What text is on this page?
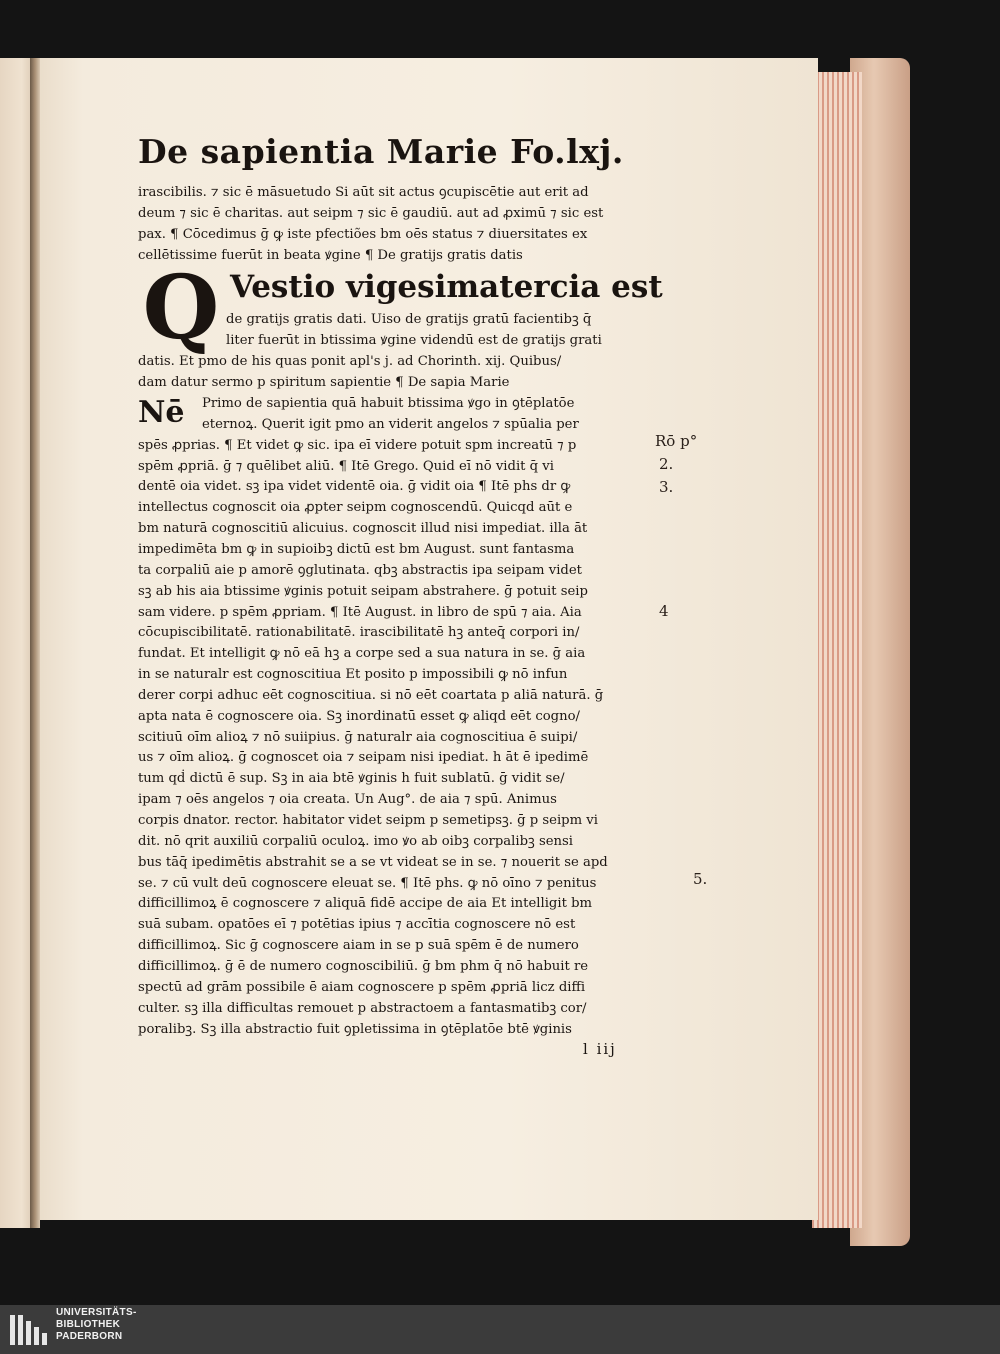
De sapientia Marie Fo.lxj.
irascibilis. ⁊ sic ē māsuetudo Si aūt sit actus ꝯcupiscētie aut erit ad
deum ⁊ sic ē charitas. aut seipm ⁊ sic ē gaudiū. aut ad ꝓximū ⁊ sic est
pax. ¶ Cōcedimus ḡ ꝙ iste pfectiões bm oēs status ⁊ diuersitates ex
cellētissime fuerūt in beata ꝟgine ¶ De gratijs gratis datis
Q Vestio vigesimatercia est
de gratijs gratis dati. Uiso de gratijs gratū facientibꝫ q̄
liter fuerūt in btissima ꝟgine videndū est de gratijs grati
datis. Et pmo de his quas ponit apl's j. ad Chorinth. xij. Quibus/
dam datur sermo p spiritum sapientie ¶ De sapia Marie
Nē	Primo de sapientia quā habuit btissima ꝟgo in ꝯtēplatōe
eternoꝝ. Querit igit pmo an viderit angelos ⁊ spūalia per
spēs ꝓprias. ¶ Et videt ꝙ sic. ipa eī videre potuit spm increatū ⁊ p
spēm ꝓpriā. ḡ ⁊ quēlibet aliū. ¶ Itē Grego. Quid eī nō vidit q̄ vi
dentē oia videt. sꝫ ipa videt videntē oia. ḡ vidit oia ¶ Itē phs dr ꝙ
intellectus cognoscit oia ꝓpter seipm cognoscendū. Quicqd aūt e
bm naturā cognoscitiū alicuius. cognoscit illud nisi impediat. illa āt
impedimēta bm ꝙ in supioibꝫ dictū est bm August. sunt fantasma
ta corpaliū aie p amorē ꝯglutinata. qbꝫ abstractis ipa seipam videt
sꝫ ab his aia btissime ꝟginis potuit seipam abstrahere. ḡ potuit seip
sam videre. p spēm ꝓpriam. ¶ Itē August. in libro de spū ⁊ aia. Aia
cōcupiscibilitatē. rationabilitatē. irascibilitatē hꝫ anteq̄ corpori in/
fundat. Et intelligit ꝙ nō eā hꝫ a corpe sed a sua natura in se. ḡ aia
in se naturalr est cognoscitiua Et posito p impossibili ꝙ nō infun
derer corpi adhuc eēt cognoscitiua. si nō eēt coartata p aliā naturā. ḡ
apta nata ē cognoscere oia. Sꝫ inordinatū esset ꝙ aliqd eēt cogno/
scitiuū oīm alioꝝ ⁊ nō suiipius. ḡ naturalr aia cognoscitiua ē suipi/
us ⁊ oīm alioꝝ. ḡ cognoscet oia ⁊ seipam nisi ipediat. h āt ē ipedimē
tum qḋ dictū ē sup. Sꝫ in aia btē ꝟginis h fuit sublatū. ḡ vidit se/
ipam ⁊ oēs angelos ⁊ oia creata. Un Aug°. de aia ⁊ spū. Animus
corpis dnator. rector. habitator videt seipm p semetipsꝫ. ḡ p seipm vi
dit. nō qrit auxiliū corpaliū oculoꝝ. imo ꝟo ab oibꝫ corpalibꝫ sensi
bus tāq̄ ipedimētis abstrahit se a se vt videat se in se. ⁊ nouerit se apd
se. ⁊ cū vult deū cognoscere eleuat se. ¶ Itē phs. ꝙ nō oīno ⁊ penitus
difficillimoꝝ ē cognoscere ⁊ aliquā fidē accipe de aia Et intelligit bm
suā subam. opatōes eī ⁊ potētias ipius ⁊ accītia cognoscere nō est
difficillimoꝝ. Sic ḡ cognoscere aiam in se p suā spēm ē de numero
difficillimoꝝ. ḡ ē de numero cognoscibiliū. ḡ bm phm q̄ nō habuit re
spectū ad grām possibile ē aiam cognoscere p spēm ꝓpriā licz diffi
culter. sꝫ illa difficultas remouet p abstractoem a fantasmatibꝫ cor/
poralibꝫ. Sꝫ illa abstractio fuit ꝯpletissima in ꝯtēplatōe btē ꝟginis
Rō p°
2.
3.
4
5.
l iij
UNIVERSITÄTS-
BIBLIOTHEK
PADERBORN
